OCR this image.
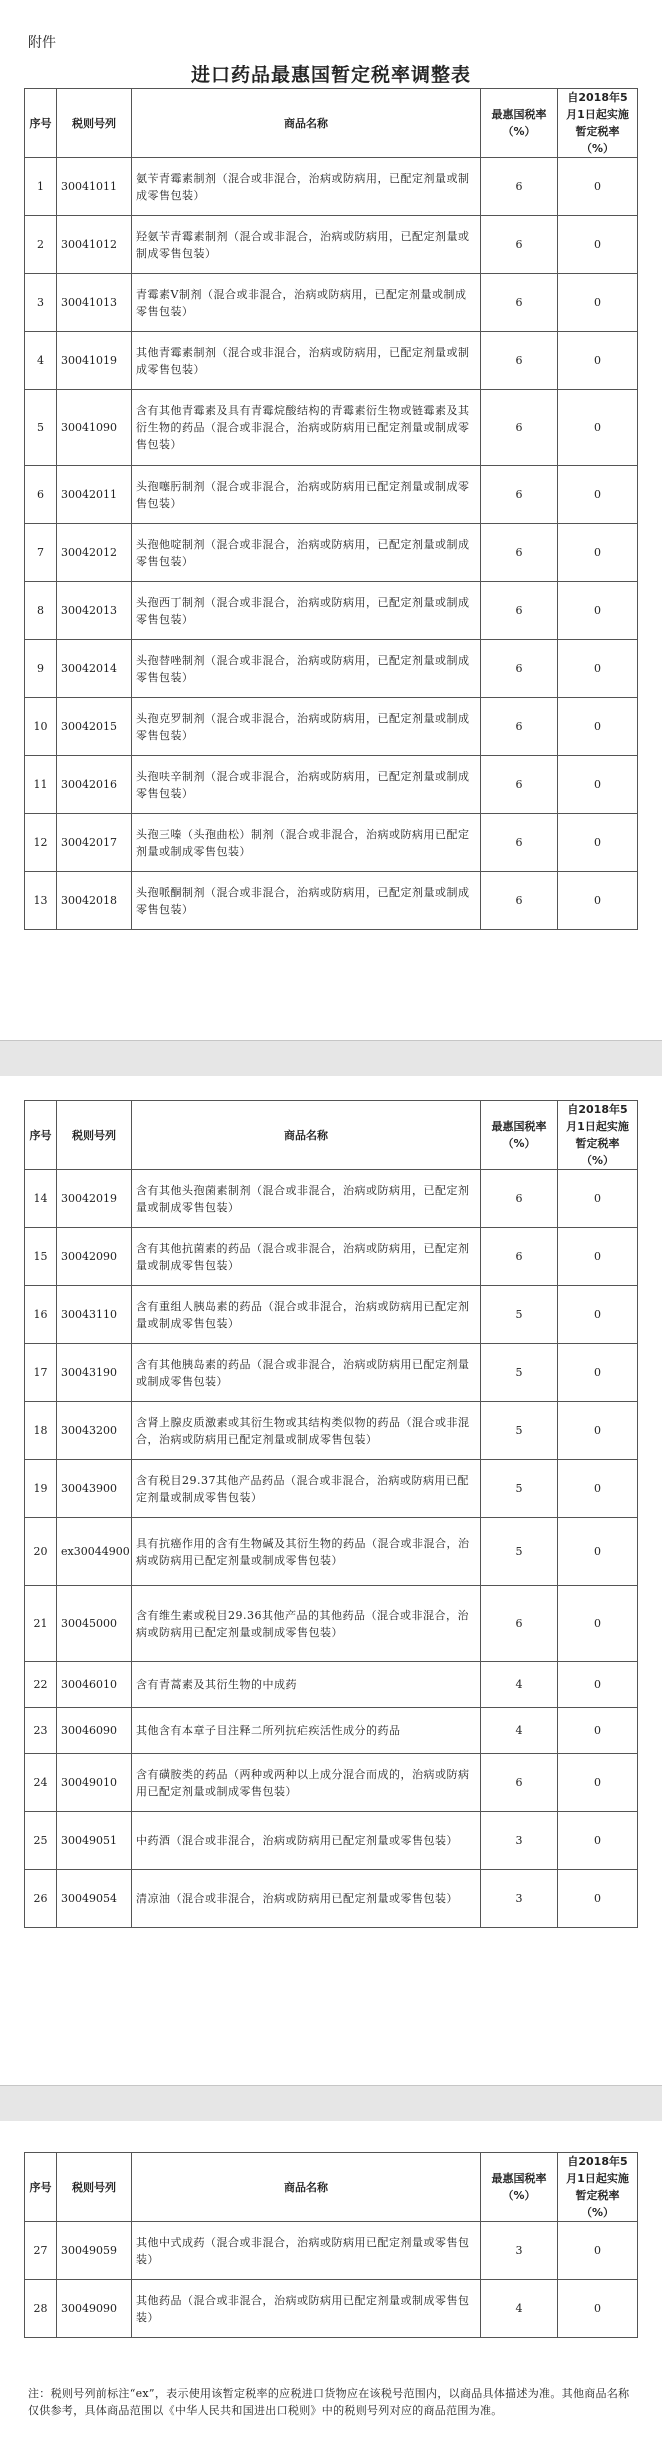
附件
进口药品最惠国暂定税率调整表
序号	税则号列	商品名称	最惠国税率（%）	自2018年5月1日起实施暂定税率（%）
1	30041011	氨苄青霉素制剂（混合或非混合，治病或防病用，已配定剂量或制成零售包装）	6	0
2	30041012	羟氨苄青霉素制剂（混合或非混合，治病或防病用，已配定剂量或制成零售包装）	6	0
3	30041013	青霉素V制剂（混合或非混合，治病或防病用，已配定剂量或制成零售包装）	6	0
4	30041019	其他青霉素制剂（混合或非混合，治病或防病用，已配定剂量或制成零售包装）	6	0
5	30041090	含有其他青霉素及具有青霉烷酸结构的青霉素衍生物或链霉素及其衍生物的药品（混合或非混合，治病或防病用已配定剂量或制成零售包装）	6	0
6	30042011	头孢噻肟制剂（混合或非混合，治病或防病用已配定剂量或制成零售包装）	6	0
7	30042012	头孢他啶制剂（混合或非混合，治病或防病用，已配定剂量或制成零售包装）	6	0
8	30042013	头孢西丁制剂（混合或非混合，治病或防病用，已配定剂量或制成零售包装）	6	0
9	30042014	头孢替唑制剂（混合或非混合，治病或防病用，已配定剂量或制成零售包装）	6	0
10	30042015	头孢克罗制剂（混合或非混合，治病或防病用，已配定剂量或制成零售包装）	6	0
11	30042016	头孢呋辛制剂（混合或非混合，治病或防病用，已配定剂量或制成零售包装）	6	0
12	30042017	头孢三嗪（头孢曲松）制剂（混合或非混合，治病或防病用已配定剂量或制成零售包装）	6	0
13	30042018	头孢哌酮制剂（混合或非混合，治病或防病用，已配定剂量或制成零售包装）	6	0
序号	税则号列	商品名称	最惠国税率（%）	自2018年5月1日起实施暂定税率（%）
14	30042019	含有其他头孢菌素制剂（混合或非混合，治病或防病用，已配定剂量或制成零售包装）	6	0
15	30042090	含有其他抗菌素的药品（混合或非混合，治病或防病用，已配定剂量或制成零售包装）	6	0
16	30043110	含有重组人胰岛素的药品（混合或非混合，治病或防病用已配定剂量或制成零售包装）	5	0
17	30043190	含有其他胰岛素的药品（混合或非混合，治病或防病用已配定剂量或制成零售包装）	5	0
18	30043200	含肾上腺皮质激素或其衍生物或其结构类似物的药品（混合或非混合，治病或防病用已配定剂量或制成零售包装）	5	0
19	30043900	含有税目29.37其他产品药品（混合或非混合，治病或防病用已配定剂量或制成零售包装）	5	0
20	ex30044900	具有抗癌作用的含有生物碱及其衍生物的药品（混合或非混合，治病或防病用已配定剂量或制成零售包装）	5	0
21	30045000	含有维生素或税目29.36其他产品的其他药品（混合或非混合，治病或防病用已配定剂量或制成零售包装）	6	0
22	30046010	含有青蒿素及其衍生物的中成药	4	0
23	30046090	其他含有本章子目注释二所列抗疟疾活性成分的药品	4	0
24	30049010	含有磺胺类的药品（两种或两种以上成分混合而成的，治病或防病用已配定剂量或制成零售包装）	6	0
25	30049051	中药酒（混合或非混合，治病或防病用已配定剂量或零售包装）	3	0
26	30049054	清凉油（混合或非混合，治病或防病用已配定剂量或零售包装）	3	0
序号	税则号列	商品名称	最惠国税率（%）	自2018年5月1日起实施暂定税率（%）
27	30049059	其他中式成药（混合或非混合，治病或防病用已配定剂量或零售包装）	3	0
28	30049090	其他药品（混合或非混合，治病或防病用已配定剂量或制成零售包装）	4	0
注：税则号列前标注“ex”，表示使用该暂定税率的应税进口货物应在该税号范围内，以商品具体描述为准。其他商品名称仅供参考，具体商品范围以《中华人民共和国进出口税则》中的税则号列对应的商品范围为准。
